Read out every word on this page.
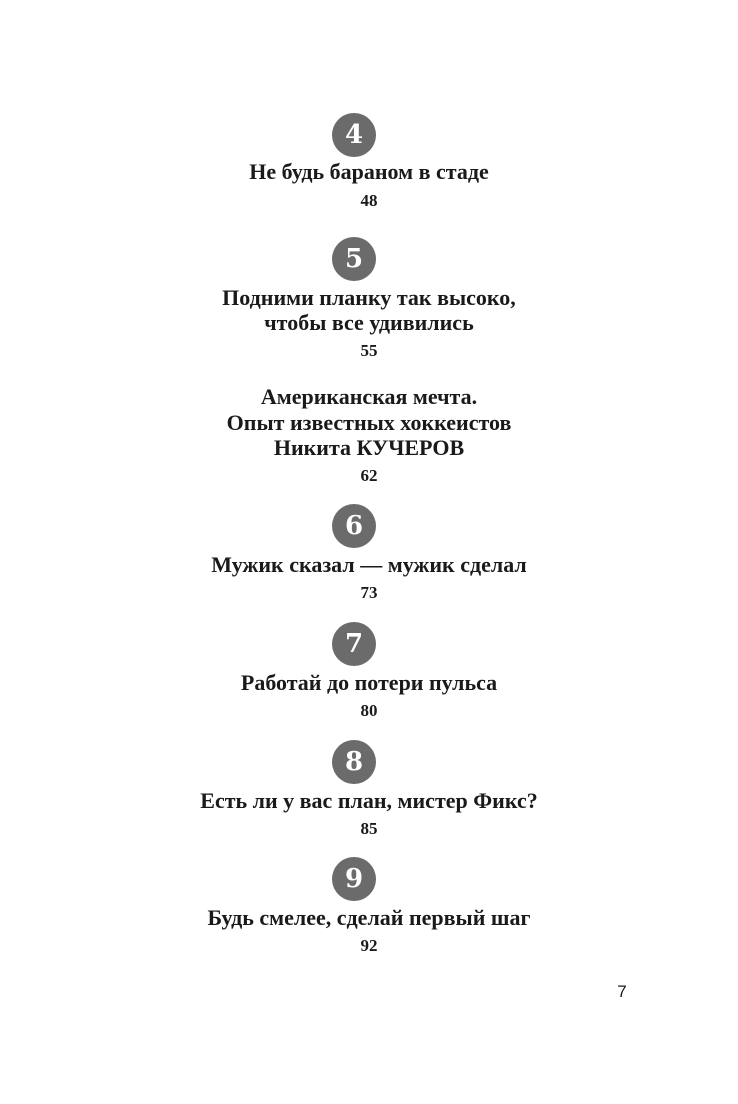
4
Не будь бараном в стаде
48
5
Подними планку так высоко,
чтобы все удивились
55
Американская мечта.
Опыт известных хоккеистов
Никита КУЧЕРОВ
62
6
Мужик сказал — мужик сделал
73
7
Работай до потери пульса
80
8
Есть ли у вас план, мистер Фикс?
85
9
Будь смелее, сделай первый шаг
92
7
